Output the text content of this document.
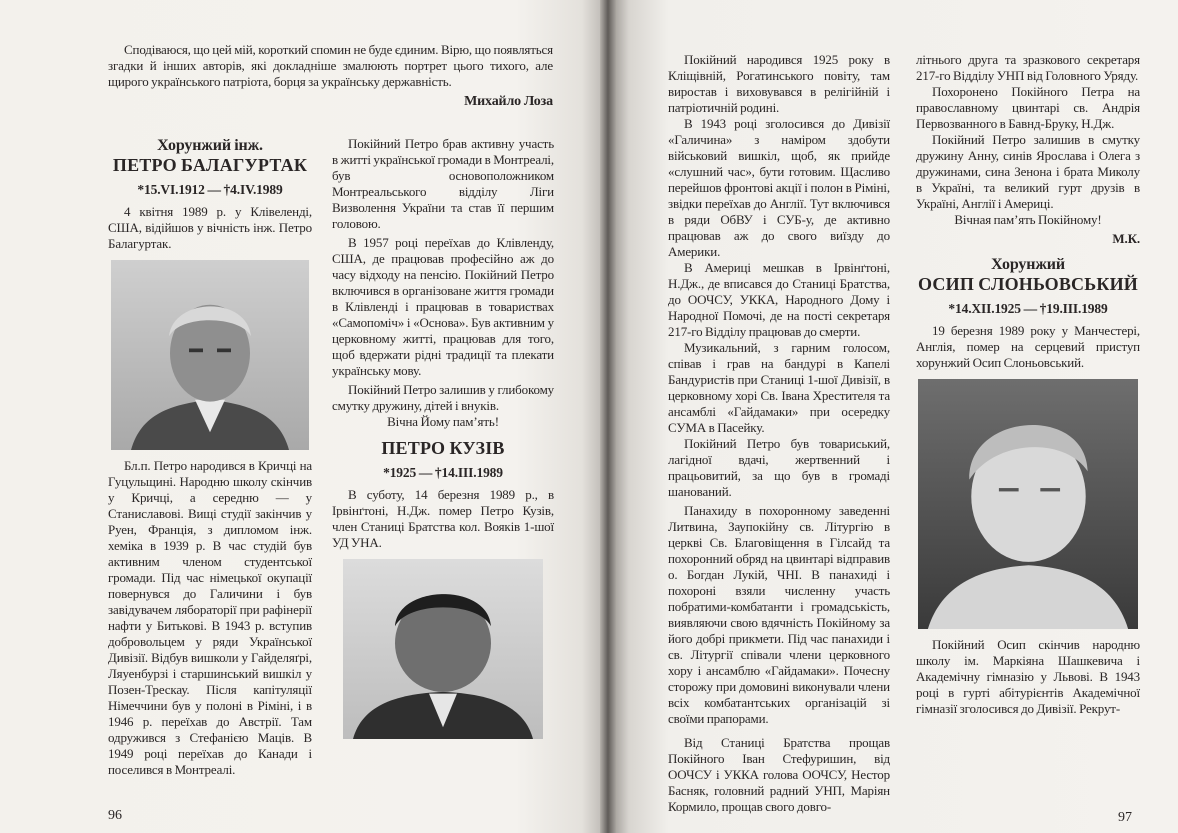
Сподіваюся, що цей мій, короткий спомин не буде єдиним. Вірю, що появляться згадки й інших авторів, які докладніше змалюють портрет цього тихого, але щирого українського патріота, борця за українську державність.

Михайло Лоза

Хорунжий інж.
ПЕТРО БАЛАГУРТАК
*15.VI.1912 — †4.IV.1989

4 квітня 1989 р. у Клівеленді, США, відійшов у вічність інж. Петро Балагуртак.

Бл.п. Петро народився в Кричці на Гуцульщині. Народню школу скінчив у Кричці, а середню — у Станиславові. Вищі студії закінчив у Руен, Франція, з дипломом інж. хеміка в 1939 р. В час студій був активним членом студентської громади. Під час німецької окупації повернувся до Галичини і був завідувачем лябораторії при рафінерії нафти у Битькові. В 1943 р. вступив добровольцем у ряди Української Дивізії. Відбув вишколи у Гайделяґрі, Ляуенбурзі і старшинський вишкіл у Позен-Трескау. Після капітуляції Німеччини був у полоні в Ріміні, і в 1946 р. переїхав до Австрії. Там одружився з Стефанією Маців. В 1949 році переїхав до Канади і поселився в Монтреалі.

Покійний Петро брав активну участь в житті української громади в Монтреалі, був основоположником Монтреальського відділу Ліги Визволення України та став її першим головою.

В 1957 році переїхав до Клівленду, США, де працював професійно аж до часу відходу на пенсію. Покійний Петро включився в організоване життя громади в Клівленді і працював в товариствах «Самопоміч» і «Основа». Був активним у церковному житті, працював для того, щоб вдержати рідні традиції та плекати українську мову.

Покійний Петро залишив у глибокому смутку дружину, дітей і внуків.

Вічна Йому пам’ять!

ПЕТРО КУЗІВ
*1925 — †14.III.1989

В суботу, 14 березня 1989 р., в Ірвінґтоні, Н.Дж. помер Петро Кузів, член Станиці Братства кол. Вояків 1-шої УД УНА.

96

Покійний народився 1925 року в Кліщівній, Рогатинського повіту, там виростав і виховувався в релігійній і патріотичній родині.

В 1943 році зголосився до Дивізії «Галичина» з наміром здобути військовий вишкіл, щоб, як прийде «слушний час», бути готовим. Щасливо перейшов фронтові акції і полон в Ріміні, звідки переїхав до Англії. Тут включився в ряди ОбВУ і СУБ-у, де активно працював аж до свого виїзду до Америки.

В Америці мешкав в Ірвінґтоні, Н.Дж., де вписався до Станиці Братства, до ООЧСУ, УККА, Народного Дому і Народної Помочі, де на пості секретаря 217-го Відділу працював до смерти.

Музикальний, з гарним голосом, співав і грав на бандурі в Капелі Бандуристів при Станиці 1-шої Дивізії, в церковному хорі Св. Івана Хрестителя та ансамблі «Гайдамаки» при осередку СУМА в Пасейку.

Покійний Петро був товариський, лагідної вдачі, жертвенний і працьовитий, за що був в громаді шанований.

Панахиду в похоронному заведенні Литвина, Заупокійну св. Літургію в церкві Св. Благовіщення в Гілсайд та похоронний обряд на цвинтарі відправив о. Богдан Лукій, ЧНІ. В панахиді і похороні взяли численну участь побратими-комбатанти і громадськість, виявляючи свою вдячність Покійному за його добрі прикмети. Під час панахиди і св. Літургії співали члени церковного хору і ансамблю «Гайдамаки». Почесну сторожу при домовині виконували члени всіх комбатантських організацій зі своїми прапорами.

Від Станиці Братства прощав Покійного Іван Стефуришин, від ООЧСУ і УККА голова ООЧСУ, Нестор Басняк, головний радний УНП, Маріян Кормило, прощав свого довго-

літнього друга та зразкового секретаря 217-го Відділу УНП від Головного Уряду.

Похоронено Покійного Петра на православному цвинтарі св. Андрія Первозванного в Бавнд-Бруку, Н.Дж.

Покійний Петро залишив в смутку дружину Анну, синів Ярослава і Олега з дружинами, сина Зенона і брата Миколу в Україні, та великий гурт друзів в Україні, Англії і Америці.

Вічная пам’ять Покійному!

М.К.

Хорунжий
ОСИП СЛОНЬОВСЬКИЙ
*14.XII.1925 — †19.III.1989

19 березня 1989 року у Манчестері, Англія, помер на серцевий приступ хорунжий Осип Слоньовський.

Покійний Осип скінчив народню школу ім. Маркіяна Шашкевича і Академічну гімназію у Львові. В 1943 році в гурті абітурієнтів Академічної гімназії зголосився до Дивізії. Рекрут-

97
